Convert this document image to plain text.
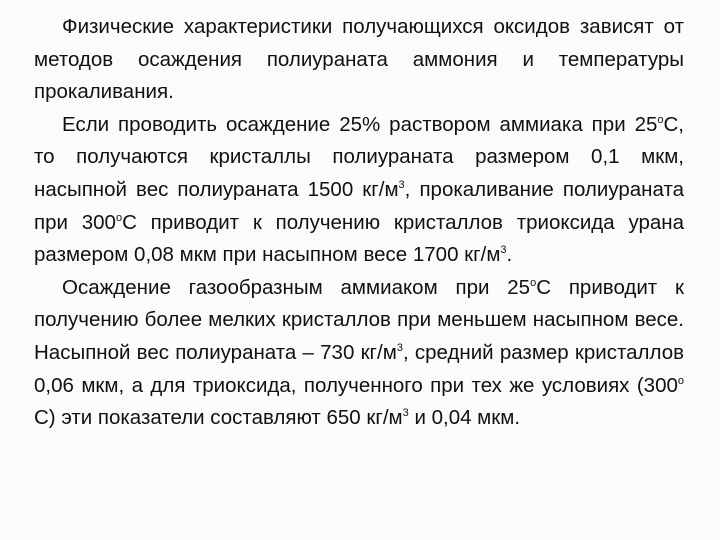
Физические характеристики получающихся оксидов зависят от методов осаждения полиураната аммония и температуры прокаливания.

Если проводить осаждение 25% раствором аммиака при $25^оС$, то получаются кристаллы полиураната размером 0,1 мкм, насыпной вес полиураната 1500 $кг/м^3$, прокаливание полиураната при $300^оС$ приводит к получению кристаллов триоксида урана размером 0,08 мкм при насыпном весе 1700 $кг/м^3$.

Осаждение газообразным аммиаком при $25^оС$ приводит к получению более мелких кристаллов при меньшем насыпном весе. Насыпной вес полиураната – 730 $кг/м^3$, средний размер кристаллов 0,06 мкм, а для триоксида, полученного при тех же условиях ($300^о$ С) эти показатели составляют 650 $кг/м^3$ и 0,04 мкм.
